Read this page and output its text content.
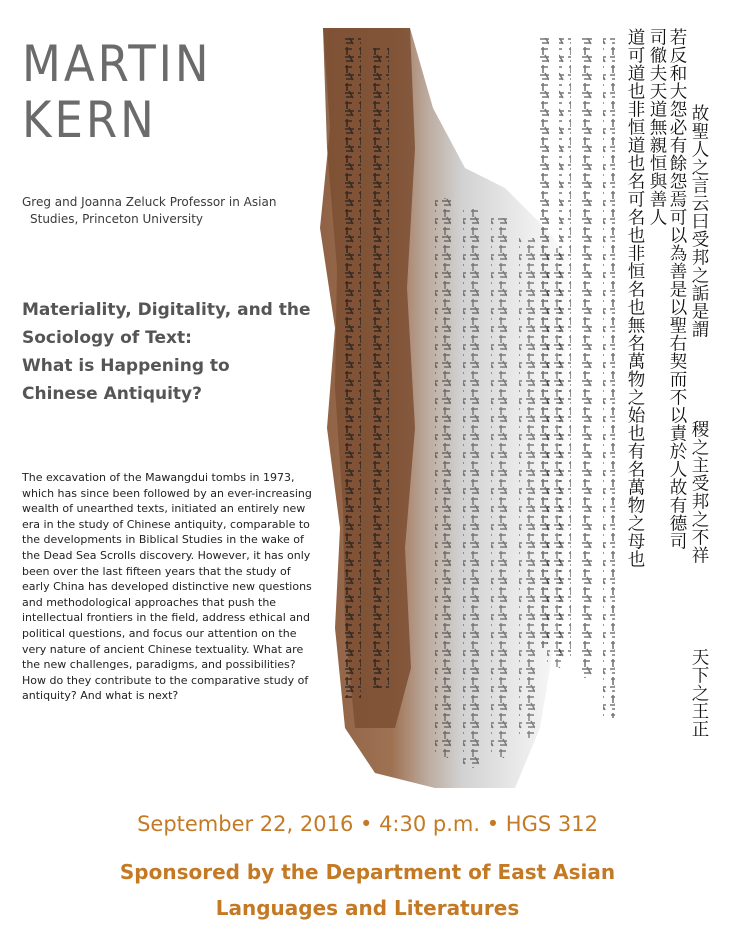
MARTIN
KERN
Greg and Joanna Zeluck Professor in Asian
Studies, Princeton University
Materiality, Digitality, and the
Sociology of Text:
What is Happening to
Chinese Antiquity?

The excavation of the Mawangdui tombs in 1973, which has since been followed by an ever-increasing wealth of unearthed texts, initiated an entirely new era in the study of Chinese antiquity, comparable to the developments in Biblical Studies in the wake of the Dead Sea Scrolls discovery. However, it has only been over the last fifteen years that the study of early China has developed distinctive new questions and methodological approaches that push the intellectual frontiers in the field, address ethical and political questions, and focus our attention on the very nature of ancient Chinese textuality. What are the new challenges, paradigms, and possibilities? How do they contribute to the comparative study of antiquity? And what is next?

若反和大怨必有餘怨焉可以為善是以聖右契而不以責於人故有德司
司徹夫天道無親恒與善人
道可道也非恒道也名可名也非恒名也無名萬物之始也有名萬物之母也	故聖人之言云曰受邦之詬是謂
稷之主受邦之不祥
天下之王正
September 22, 2016 • 4:30 p.m. • HGS 312
Sponsored by the Department of East Asian
Languages and Literatures
